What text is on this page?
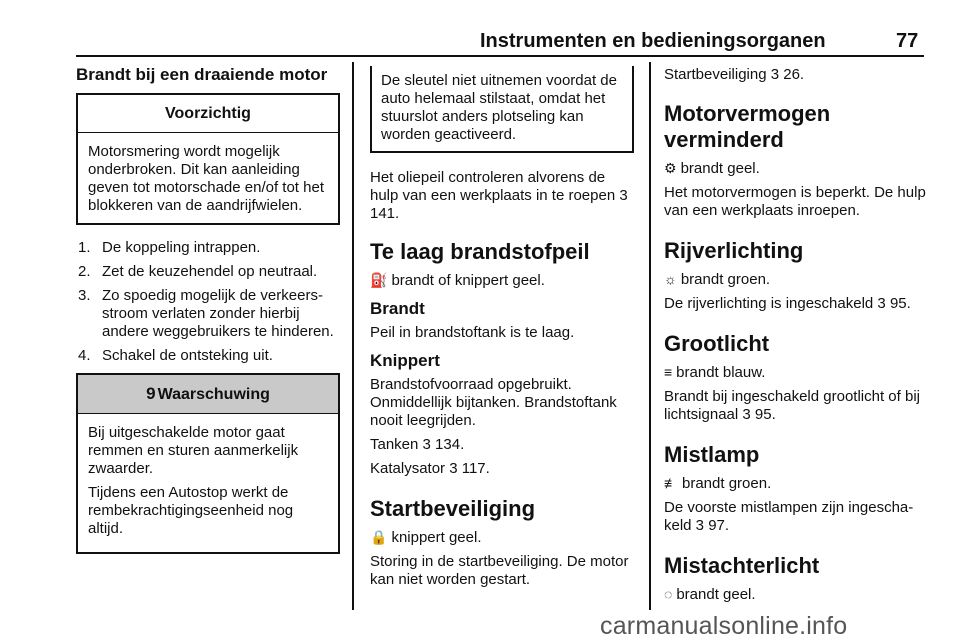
Instrumenten en bedieningsorganen	77
Brandt bij een draaiende motor
Voorzichtig
Motorsmering wordt mogelijk onderbroken. Dit kan aanleiding geven tot motorschade en/of tot het blokkeren van de aandrijfwielen.
1. De koppeling intrappen.
2. Zet de keuzehendel op neutraal.
3. Zo spoedig mogelijk de verkeersstroom verlaten zonder hierbij andere weggebruikers te hinderen.
4. Schakel de ontsteking uit.
9 Waarschuwing

Bij uitgeschakelde motor gaat remmen en sturen aanmerkelijk zwaarder.

Tijdens een Autostop werkt de rembekrachtigingseenheid nog altijd.

De sleutel niet uitnemen voordat de auto helemaal stilstaat, omdat het stuurslot anders plotseling kan worden geactiveerd.

Het oliepeil controleren alvorens de hulp van een werkplaats in te roepen 3 141.

Te laag brandstofpeil

⛽ brandt of knippert geel.

Brandt

Peil in brandstoftank is te laag.

Knippert

Brandstofvoorraad opgebruikt. Onmiddellijk bijtanken. Brandstoftank nooit leegrijden.

Tanken 3 134.

Katalysator 3 117.

Startbeveiliging

🔒 knippert geel.

Storing in de startbeveiliging. De motor kan niet worden gestart.

Startbeveiliging 3 26.

Motorvermogen verminderd

⚙ brandt geel.

Het motorvermogen is beperkt. De hulp van een werkplaats inroepen.

Rijverlichting

☼ brandt groen.

De rijverlichting is ingeschakeld 3 95.

Grootlicht

≡ brandt blauw.

Brandt bij ingeschakeld grootlicht of bij lichtsignaal 3 95.

Mistlamp

≢ brandt groen.

De voorste mistlampen zijn ingeschakeld 3 97.

Mistachterlicht

◌ brandt geel.

carmanualsonline.info
